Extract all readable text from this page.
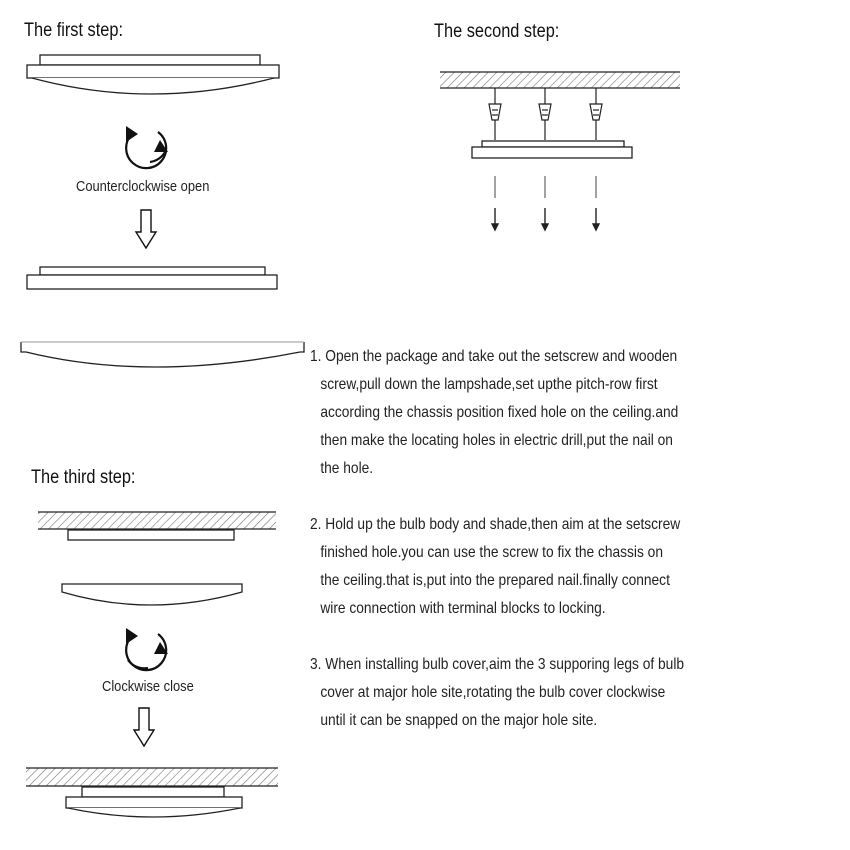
The first step:	The second step:
The third step:
Counterclockwise open
Clockwise close
1. Open the package and take out the setscrew and wooden
screw,pull down the lampshade,set upthe pitch-row first
according the chassis position fixed hole on the ceiling.and
then make the locating holes in electric drill,put the nail on
the hole.
2. Hold up the bulb body and shade,then aim at the setscrew
finished hole.you can use the screw to fix the chassis on
the ceiling.that is,put into the prepared nail.finally connect
wire connection with terminal blocks to locking.
3. When installing bulb cover,aim the 3 supporing legs of bulb
cover at major hole site,rotating the bulb cover clockwise
until it can be snapped on the major hole site.
